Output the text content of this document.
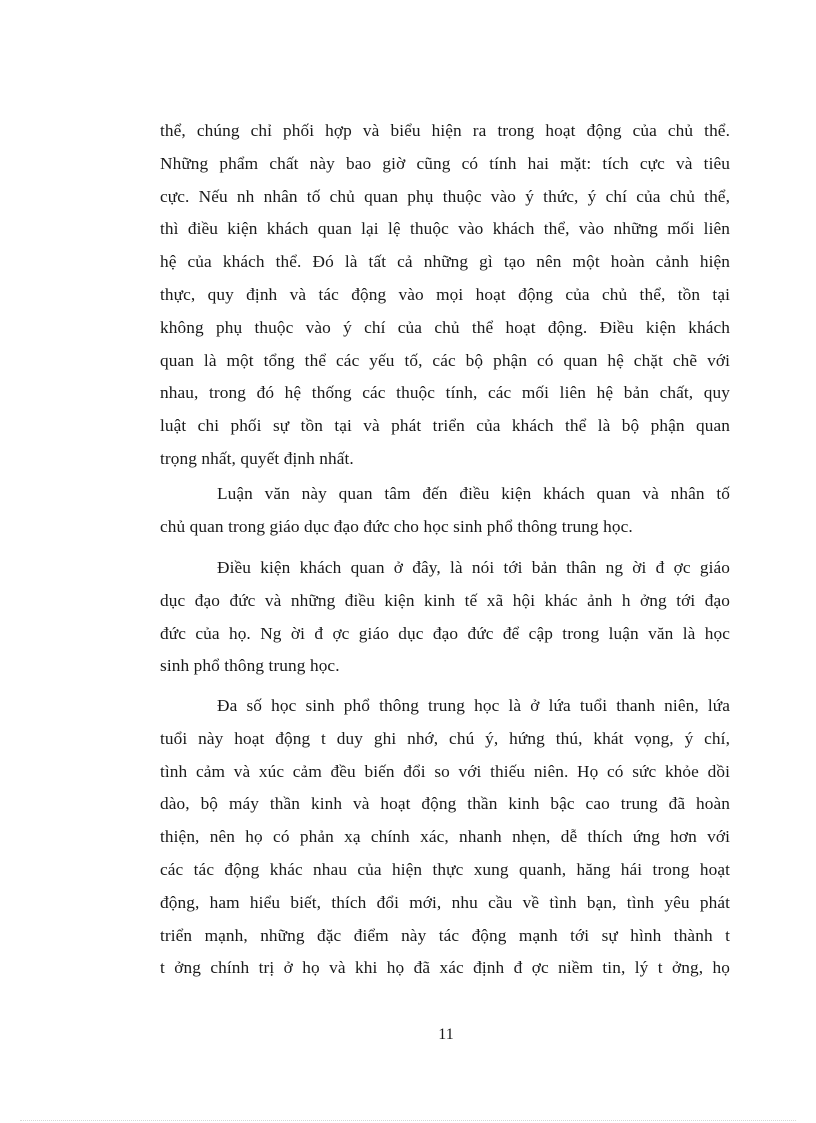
thể, chúng chỉ phối hợp và biểu hiện ra trong hoạt động của chủ thể.
Những phẩm chất này bao giờ cũng có tính hai mặt: tích cực và tiêu
cực. Nếu nh nhân tố chủ quan phụ thuộc vào ý thức, ý chí của chủ thể,
thì điều kiện khách quan lại lệ thuộc vào khách thể, vào những mối liên
hệ của khách thể. Đó là tất cả những gì tạo nên một hoàn cảnh hiện
thực, quy định và tác động vào mọi hoạt động của chủ thể, tồn tại
không phụ thuộc vào ý chí của chủ thể hoạt động. Điều kiện khách
quan là một tổng thể các yếu tố, các bộ phận có quan hệ chặt chẽ với
nhau, trong đó hệ thống các thuộc tính, các mối liên hệ bản chất, quy
luật chi phối sự tồn tại và phát triển của khách thể là bộ phận quan
trọng nhất, quyết định nhất.
Luận văn này quan tâm đến điều kiện khách quan và nhân tố
chủ quan trong giáo dục đạo đức cho học sinh phổ thông trung học.
Điều kiện khách quan ở đây, là nói tới bản thân ng ời đ ợc giáo
dục đạo đức và những điều kiện kinh tế xã hội khác ảnh h ởng tới đạo
đức của họ. Ng ời đ ợc giáo dục đạo đức để cập trong luận văn là học
sinh phổ thông trung học.
Đa số học sinh phổ thông trung học là ở lứa tuổi thanh niên, lứa
tuổi này hoạt động t duy ghi nhớ, chú ý, hứng thú, khát vọng, ý chí,
tình cảm và xúc cảm đều biến đổi so với thiếu niên. Họ có sức khỏe dồi
dào, bộ máy thần kinh và hoạt động thần kinh bậc cao trung đã hoàn
thiện, nên họ có phản xạ chính xác, nhanh nhẹn, dễ thích ứng hơn với
các tác động khác nhau của hiện thực xung quanh, hăng hái trong hoạt
động, ham hiểu biết, thích đổi mới, nhu cầu về tình bạn, tình yêu phát
triển mạnh, những đặc điểm này tác động mạnh tới sự hình thành t
t ởng chính trị ở họ và khi họ đã xác định đ ợc niềm tin, lý t ởng, họ
11
